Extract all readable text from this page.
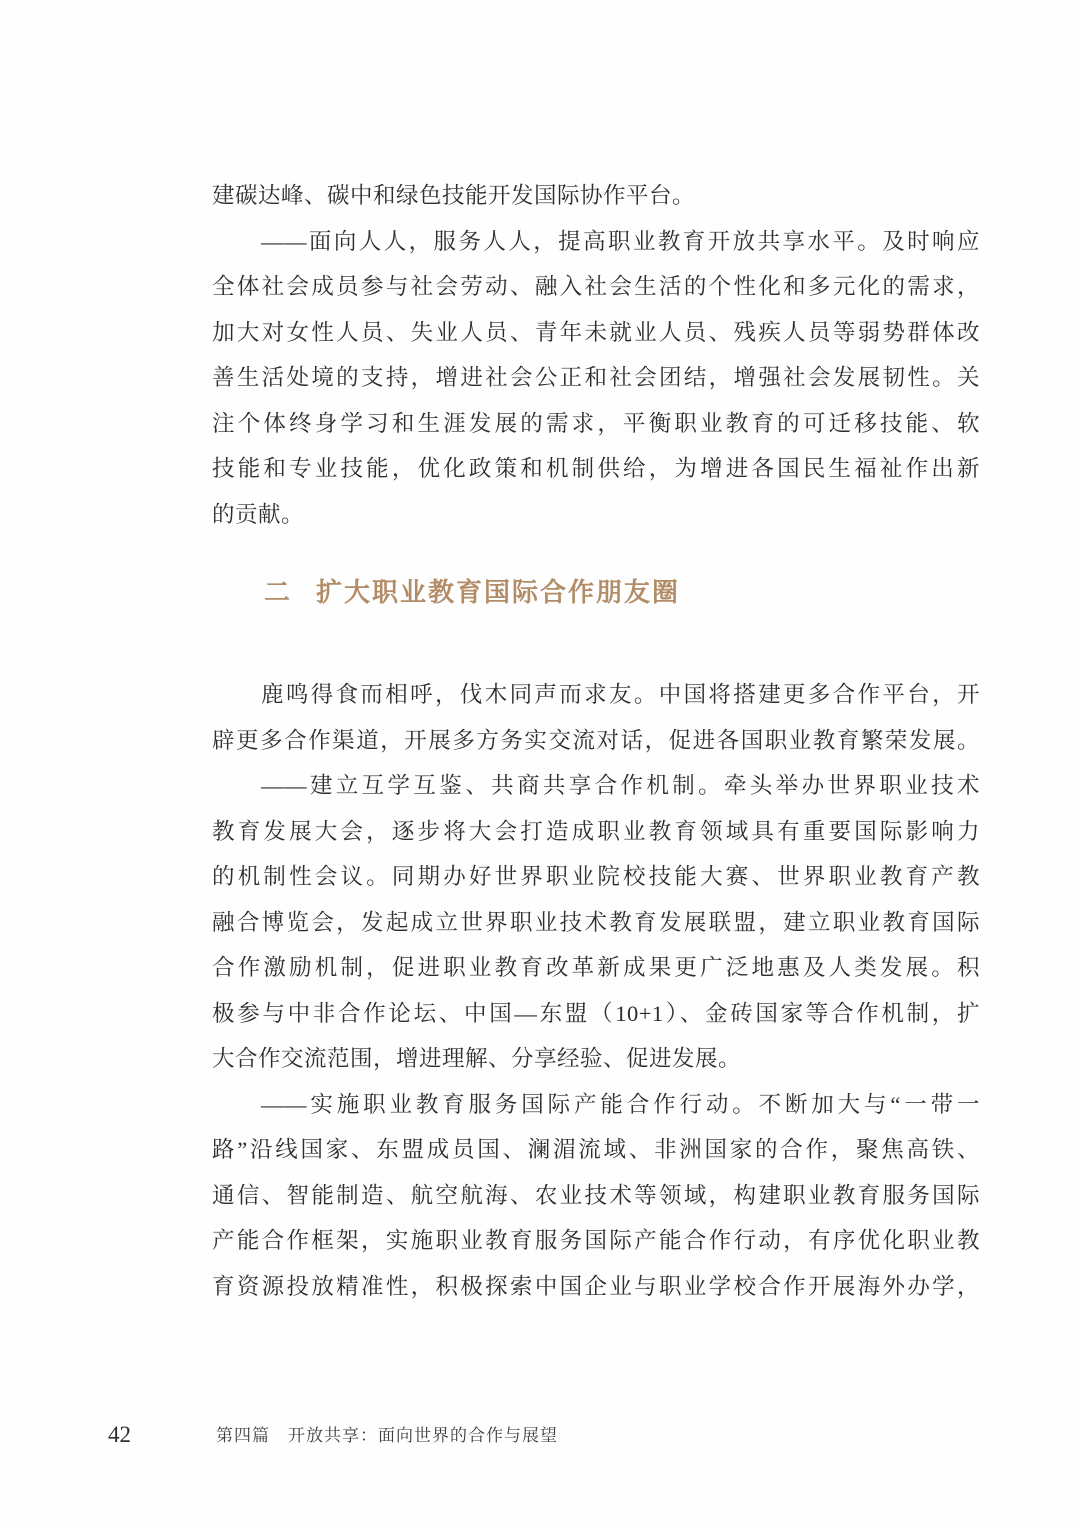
建碳达峰、碳中和绿色技能开发国际协作平台。
——面向人人，服务人人，提高职业教育开放共享水平。及时响应
全体社会成员参与社会劳动、融入社会生活的个性化和多元化的需求，
加大对女性人员、失业人员、青年未就业人员、残疾人员等弱势群体改
善生活处境的支持，增进社会公正和社会团结，增强社会发展韧性。关
注个体终身学习和生涯发展的需求，平衡职业教育的可迁移技能、软
技能和专业技能，优化政策和机制供给，为增进各国民生福祉作出新
的贡献。
二 扩大职业教育国际合作朋友圈
鹿鸣得食而相呼，伐木同声而求友。中国将搭建更多合作平台，开
辟更多合作渠道，开展多方务实交流对话，促进各国职业教育繁荣发展。
——建立互学互鉴、共商共享合作机制。牵头举办世界职业技术
教育发展大会，逐步将大会打造成职业教育领域具有重要国际影响力
的机制性会议。同期办好世界职业院校技能大赛、世界职业教育产教
融合博览会，发起成立世界职业技术教育发展联盟，建立职业教育国际
合作激励机制，促进职业教育改革新成果更广泛地惠及人类发展。积
极参与中非合作论坛、中国—东盟（10+1）、金砖国家等合作机制，扩
大合作交流范围，增进理解、分享经验、促进发展。
——实施职业教育服务国际产能合作行动。不断加大与“一带一
路”沿线国家、东盟成员国、澜湄流域、非洲国家的合作，聚焦高铁、
通信、智能制造、航空航海、农业技术等领域，构建职业教育服务国际
产能合作框架，实施职业教育服务国际产能合作行动，有序优化职业教
育资源投放精准性，积极探索中国企业与职业学校合作开展海外办学，
42	第四篇 开放共享：面向世界的合作与展望
